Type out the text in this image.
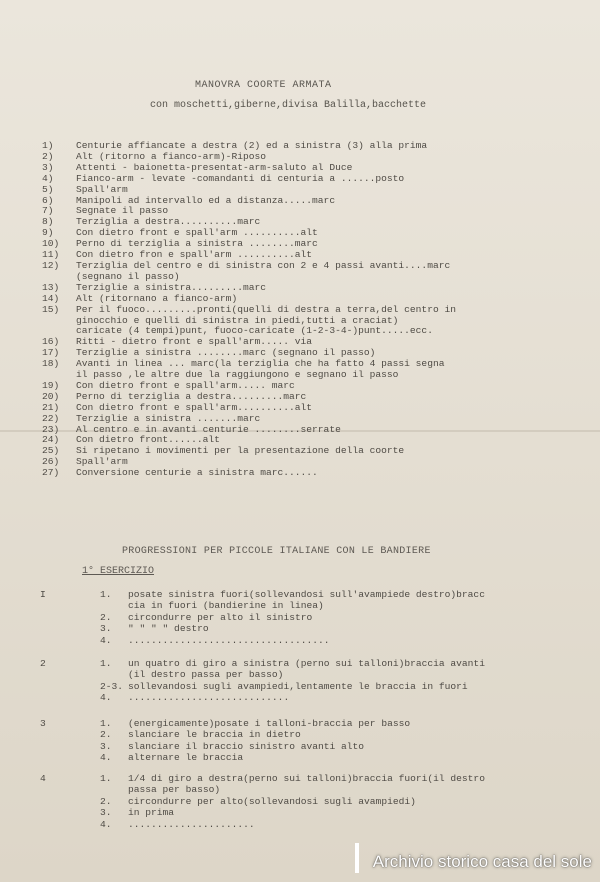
MANOVRA COORTE ARMATA
con moschetti,giberne,divisa Balilla,bacchette
1)	Centurie affiancate a destra (2) ed a sinistra (3) alla prima
2)	Alt (ritorno a fianco-arm)-Riposo
3)	Attenti - baionetta-presentat-arm-saluto al Duce
4)	Fianco-arm - levate -comandanti di centuria a ......posto
5)	Spall'arm
6)	Manipoli ad intervallo ed a distanza.....marc
7)	Segnate il passo
8)	Terziglia a destra..........marc
9)	Con dietro front e spall'arm ..........alt
10)	Perno di terziglia a sinistra ........marc
11)	Con dietro fron e spall'arm ..........alt
12)	Terziglia del centro e di sinistra con 2 e 4 passi avanti....marc
(segnano il passo)
13)	Terziglie a sinistra.........marc
14)	Alt (ritornano a fianco-arm)
15)	Per il fuoco.........pronti(quelli di destra a terra,del centro in
ginocchio e quelli di sinistra in piedi,tutti a craciat)
caricate (4 tempi)punt, fuoco-caricate (1-2-3-4-)punt.....ecc.
16)	Ritti - dietro front e spall'arm..... via
17)	Terziglie a sinistra ........marc (segnano il passo)
18)	Avanti in linea ... marc(la terziglia che ha fatto 4 passi segna
il passo ,le altre due la raggiungono e segnano il passo
19)	Con dietro front e spall'arm..... marc
20)	Perno di terziglia a destra.........marc
21)	Con dietro front e spall'arm..........alt
22)	Terziglie a sinistra .......marc
23)	Al centro e in avanti centurie ........serrate
24)	Con dietro front......alt
25)	Si ripetano i movimenti per la presentazione della coorte
26)	Spall'arm
27)	Conversione centurie a sinistra marc......
PROGRESSIONI PER PICCOLE ITALIANE CON LE BANDIERE
1° ESERCIZIO
I	1.	posate sinistra fuori(sollevandosi sull'avampiede destro)bracc
cia in fuori (bandierine in linea)
2.	circondurre per alto il sinistro
3.	" " " " destro
4.	...................................
2	1.	un quatro di giro a sinistra (perno sui talloni)braccia avanti
(il destro passa per basso)
2-3. sollevandosi sugli avampiedi,lentamente le braccia in fuori
4.	............................
3	1.	(energicamente)posate i talloni-braccia per basso
2.	slanciare le braccia in dietro
3.	slanciare il braccio sinistro avanti alto
4.	alternare le braccia
4	1.	1/4 di giro a destra(perno sui talloni)braccia fuori(il destro
passa per basso)
2.	circondurre per alto(sollevandosi sugli avampiedi)
3.	in prima
4.	......................
Archivio storico casa del sole
